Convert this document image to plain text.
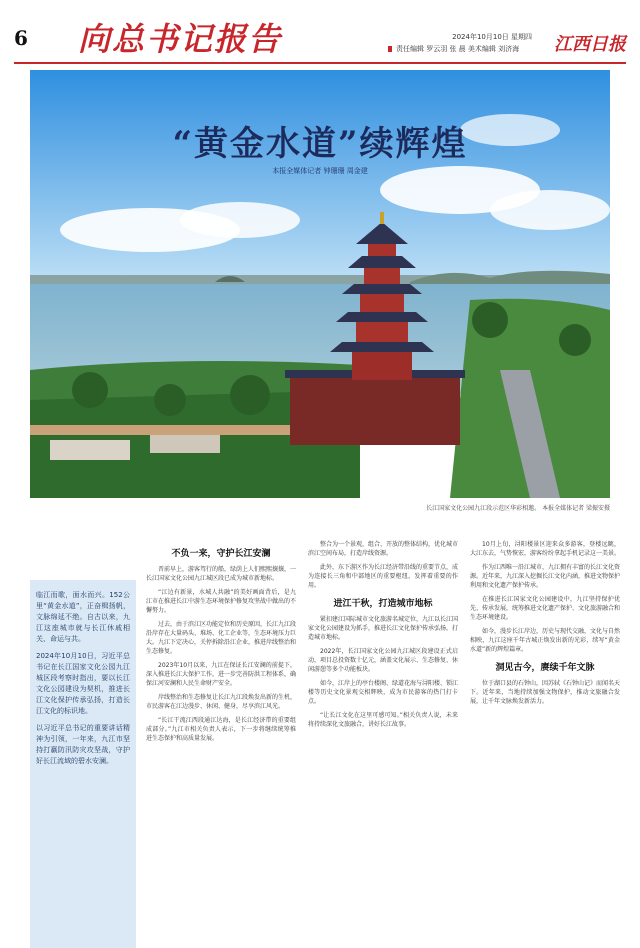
6 向总书记报告	2024年10月10日 星期四
责任编辑 罗云羽 张 晨 美术编辑 刘济海 江西日报
“黄金水道”续辉煌
本报全媒体记者 钟珊珊 周金建
长江国家文化公园九江段示范区华彩相邀。 本报全媒体记者 梁振安摄

临江而歌，面水而兴。152公里“黄金水道”，正奋楫扬帆，文脉绵延不绝。自古以来，九江这座城市就与长江休戚相关、命运与共。

2024年10月10日，习近平总书记在长江国家文化公园九江城区段考察时指出，要以长江文化公园建设为契机，推进长江文化保护传承弘扬，打造长江文化的标识地。

以习近平总书记的重要讲话精神为引领，一年来，九江市坚持打赢防汛防灾攻坚战，守护好长江流域的碧水安澜。

不负一来，守护长江安澜

晋前早上，游客驾行的船，绿荫上人们熙熙攘攘，一长江国家文化公园九江城区段已成为城市新地标。

“江边有新景，水城人共融”的美好画面背后，是九江市在推进长江中游生态环境保护修复攻坚战中做出的不懈努力。

过去，由于滨江区功能定位和历史原因，长江九江段沿岸存在大量码头、堆场、化工企业等，生态环境压力巨大。九江下定决心，关停拆除沿江企业，推进岸线整治和生态修复。

2023年10月以来，九江在保证长江安澜的前提下，深入推进长江大保护工作，进一步完善防洪工程体系，确保江河安澜和人民生命财产安全。

岸线整治和生态修复让长江九江段焕发出新的生机，市民游客在江边漫步、休闲、健身，尽享滨江风光。

“长江干流江西段通江达海，是长江经济带的重要组成部分。”九江市相关负责人表示，下一步将继续统筹推进生态保护和高质量发展。

整合为一个景观，组合、开放的整体结构，优化城市滨江空间布局，打造岸线资源。

此外，东下游区作为长江经济带沿线的重要节点，成为连接长三角和中部地区的重要枢纽，发挥着重要的作用。

进江干秋，打造城市地标

紧扣建江国际城市文化旅游名城定位，九江以长江国家文化公园建设为抓手，推进长江文化保护传承弘扬，打造城市地标。

2022年，长江国家文化公园九江城区段建设正式启动，项目总投资数十亿元，涵盖文化展示、生态修复、休闲游憩等多个功能板块。

如今，江岸上的亭台楼阁、绿道花海与浔阳楼、锁江楼等历史文化景观交相辉映，成为市民游客的热门打卡点。

“让长江文化在这里可感可知。”相关负责人说，未来将持续深化文旅融合，讲好长江故事。

10月上旬，浔阳楼景区迎来众多游客，登楼远眺，大江东去，气势恢宏，游客纷纷拿起手机记录这一美景。

作为江西唯一沿江城市，九江拥有丰富的长江文化资源。近年来，九江深入挖掘长江文化内涵，推进文物保护利用和文化遗产保护传承。

在推进长江国家文化公园建设中，九江坚持保护优先、传承发展，统筹推进文化遗产保护、文化旅游融合和生态环境建设。

如今，漫步长江岸边，历史与现代交融，文化与自然相映，九江这座千年古城正焕发出新的光彩，续写“黄金水道”新的辉煌篇章。

洞见古今，赓续千年文脉

位于湖口县的石钟山，因苏轼《石钟山记》而闻名天下。近年来，当地持续加强文物保护，推动文旅融合发展，让千年文脉焕发新活力。
